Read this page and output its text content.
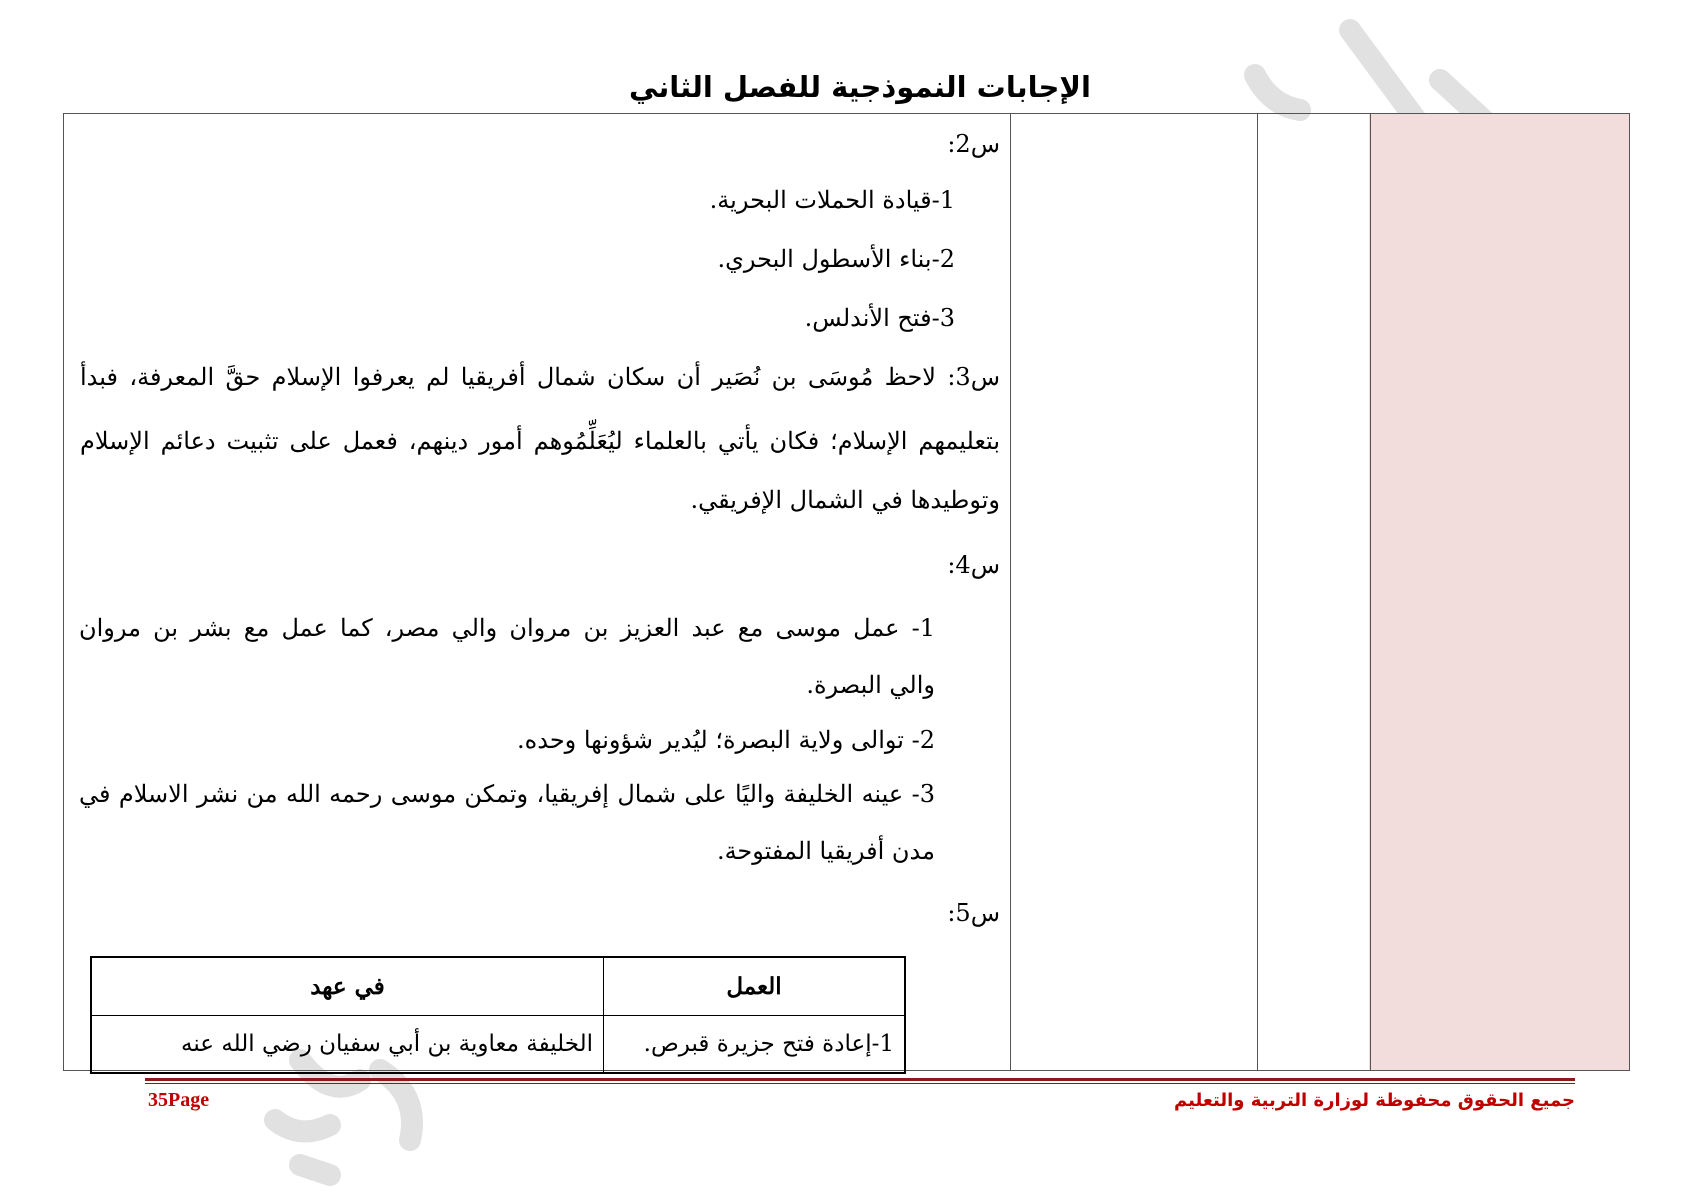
الإجابات النموذجية للفصل الثاني
س2:
1-قيادة الحملات البحرية.
2-بناء الأسطول البحري.
3-فتح الأندلس.
س3: لاحظ مُوسَى بن نُصَير أن سكان شمال أفريقيا لم يعرفوا الإسلام حقَّ المعرفة، فبدأ
بتعليمهم الإسلام؛ فكان يأتي بالعلماء ليُعَلِّمُوهم أمور دينهم، فعمل على تثبيت دعائم الإسلام
وتوطيدها في الشمال الإفريقي.
س4:
1- عمل موسى مع عبد العزيز بن مروان والي مصر، كما عمل مع بشر بن مروان
والي البصرة.
2- توالى ولاية البصرة؛ ليُدير شؤونها وحده.
3- عينه الخليفة واليًا على شمال إفريقيا، وتمكن موسى رحمه الله من نشر الاسلام في
مدن أفريقيا المفتوحة.
س5:
العمل	في عهد
1-إعادة فتح جزيرة قبرص.	الخليفة معاوية بن أبي سفيان رضي الله عنه
جميع الحقوق محفوظة لوزارة التربية والتعليم
35Page
